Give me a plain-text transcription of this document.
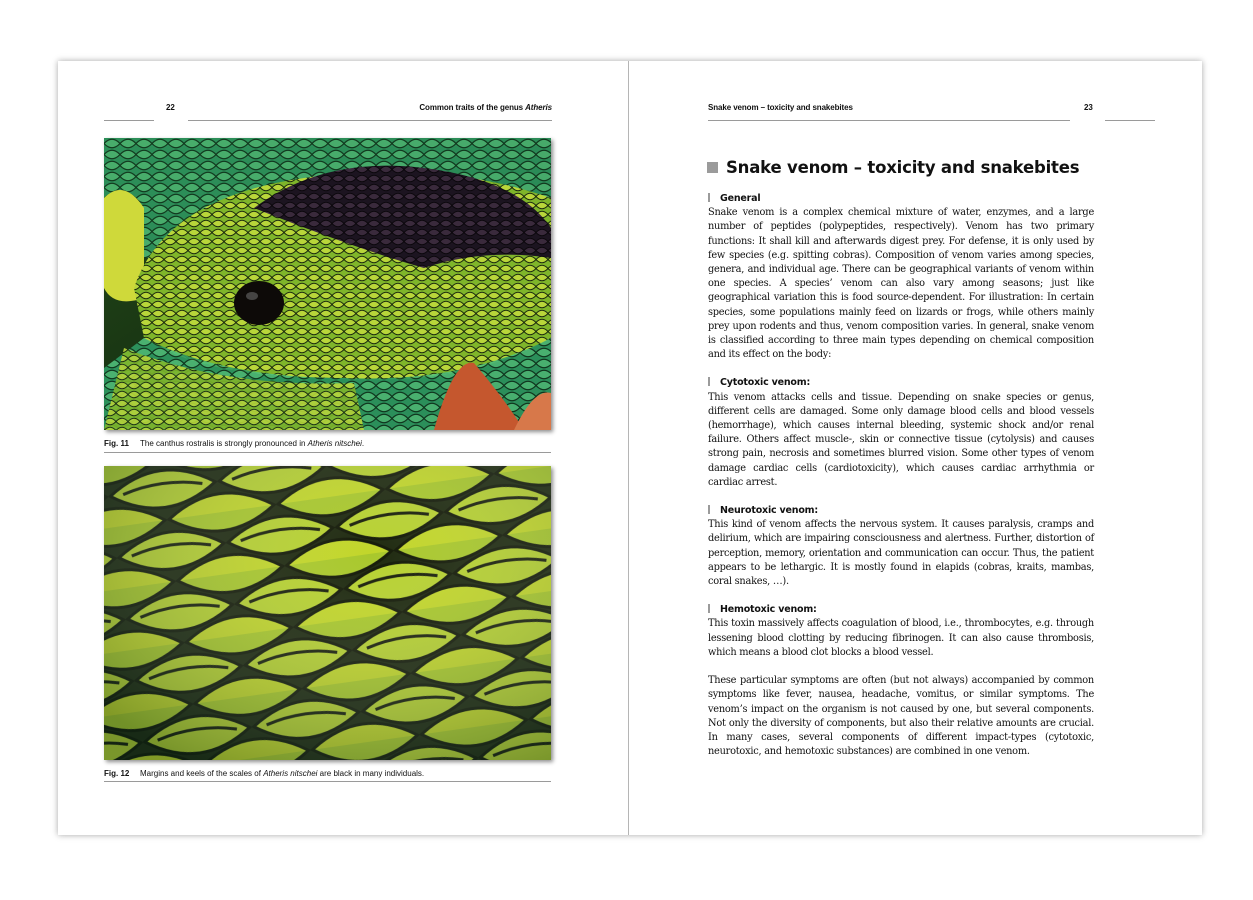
22	Common traits of the genus Atheris
Fig. 11 The canthus rostralis is strongly pronounced in Atheris nitschei.
Fig. 12 Margins and keels of the scales of Atheris nitschei are black in many individuals.
Snake venom – toxicity and snakebites	23
Snake venom – toxicity and snakebites
General
Snake venom is a complex chemical mixture of water, enzymes, and a large number of peptides (polypeptides, respectively). Venom has two primary functions: It shall kill and afterwards digest prey. For defense, it is only used by few species (e.g. spitting cobras). Composition of venom varies among species, genera, and individual age. There can be geographical variants of venom within one species. A species’ venom can also vary among seasons; just like geographical variation this is food source-dependent. For illustration: In certain species, some populations mainly feed on lizards or frogs, while others mainly prey upon rodents and thus, venom composition varies. In general, snake venom is classified according to three main types depending on chemical composition and its effect on the body:
Cytotoxic venom:
This venom attacks cells and tissue. Depending on snake species or genus, different cells are damaged. Some only damage blood cells and blood vessels (hemorrhage), which causes internal bleeding, systemic shock and/or renal failure. Others affect muscle-, skin or connective tissue (cytolysis) and causes strong pain, necrosis and sometimes blurred vision. Some other types of venom damage cardiac cells (cardiotoxicity), which causes cardiac arrhythmia or cardiac arrest.
Neurotoxic venom:
This kind of venom affects the nervous system. It causes paralysis, cramps and delirium, which are impairing consciousness and alertness. Further, distortion of perception, memory, orientation and communication can occur. Thus, the patient appears to be lethargic. It is mostly found in elapids (cobras, kraits, mambas, coral snakes, …).
Hemotoxic venom:
This toxin massively affects coagulation of blood, i.e., thrombocytes, e.g. through lessening blood clotting by reducing fibrinogen. It can also cause thrombosis, which means a blood clot blocks a blood vessel.
These particular symptoms are often (but not always) accompanied by common symptoms like fever, nausea, headache, vomitus, or similar symptoms. The venom’s impact on the organism is not caused by one, but several components. Not only the diversity of components, but also their relative amounts are crucial. In many cases, several components of different impact-types (cytotoxic, neurotoxic, and hemotoxic substances) are combined in one venom.
